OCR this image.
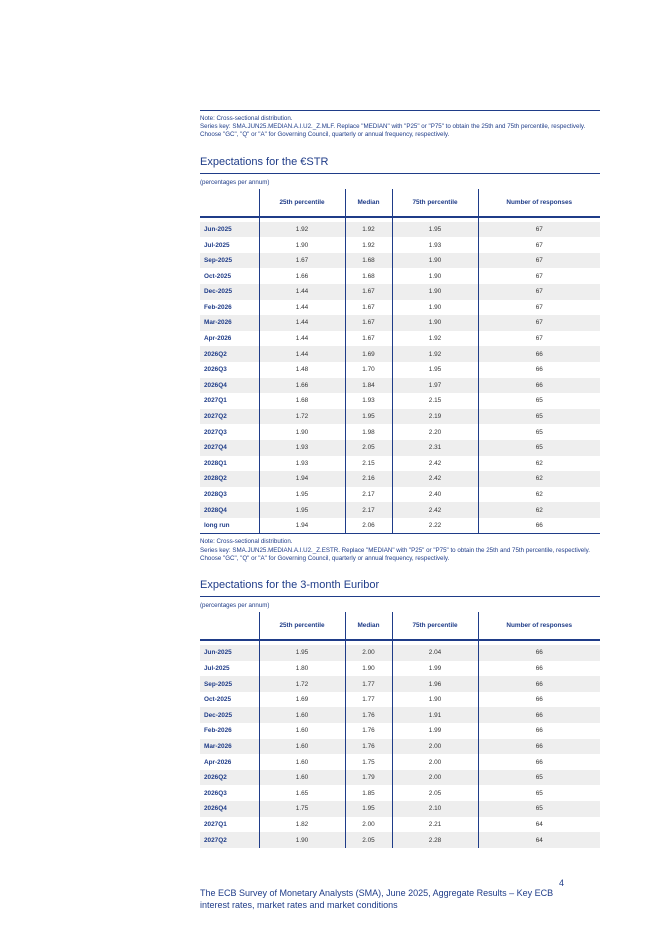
Note: Cross-sectional distribution.
Series key: SMA.JUN25.MEDIAN.A.I.U2._Z.MLF. Replace "MEDIAN" with "P25" or "P75" to obtain the 25th and 75th percentile, respectively. Choose "GC", "Q" or "A" for Governing Council, quarterly or annual frequency, respectively.
Expectations for the €STR
(percentages per annum)
	25th percentile	Median	75th percentile	Number of responses

Jun-2025	1.92	1.92	1.95	67
Jul-2025	1.90	1.92	1.93	67
Sep-2025	1.67	1.68	1.90	67
Oct-2025	1.66	1.68	1.90	67
Dec-2025	1.44	1.67	1.90	67
Feb-2026	1.44	1.67	1.90	67
Mar-2026	1.44	1.67	1.90	67
Apr-2026	1.44	1.67	1.92	67
2026Q2	1.44	1.69	1.92	66
2026Q3	1.48	1.70	1.95	66
2026Q4	1.66	1.84	1.97	66
2027Q1	1.68	1.93	2.15	65
2027Q2	1.72	1.95	2.19	65
2027Q3	1.90	1.98	2.20	65
2027Q4	1.93	2.05	2.31	65
2028Q1	1.93	2.15	2.42	62
2028Q2	1.94	2.16	2.42	62
2028Q3	1.95	2.17	2.40	62
2028Q4	1.95	2.17	2.42	62
long run	1.94	2.06	2.22	66
Note: Cross-sectional distribution.
Series key: SMA.JUN25.MEDIAN.A.I.U2._Z.ESTR. Replace "MEDIAN" with "P25" or "P75" to obtain the 25th and 75th percentile, respectively. Choose "GC", "Q" or "A" for Governing Council, quarterly or annual frequency, respectively.
Expectations for the 3-month Euribor
(percentages per annum)
	25th percentile	Median	75th percentile	Number of responses

Jun-2025	1.95	2.00	2.04	66
Jul-2025	1.80	1.90	1.99	66
Sep-2025	1.72	1.77	1.96	66
Oct-2025	1.69	1.77	1.90	66
Dec-2025	1.60	1.76	1.91	66
Feb-2026	1.60	1.76	1.99	66
Mar-2026	1.60	1.76	2.00	66
Apr-2026	1.60	1.75	2.00	66
2026Q2	1.60	1.79	2.00	65
2026Q3	1.65	1.85	2.05	65
2026Q4	1.75	1.95	2.10	65
2027Q1	1.82	2.00	2.21	64
2027Q2	1.90	2.05	2.28	64
4
The ECB Survey of Monetary Analysts (SMA), June 2025, Aggregate Results – Key ECB interest rates, market rates and market conditions
